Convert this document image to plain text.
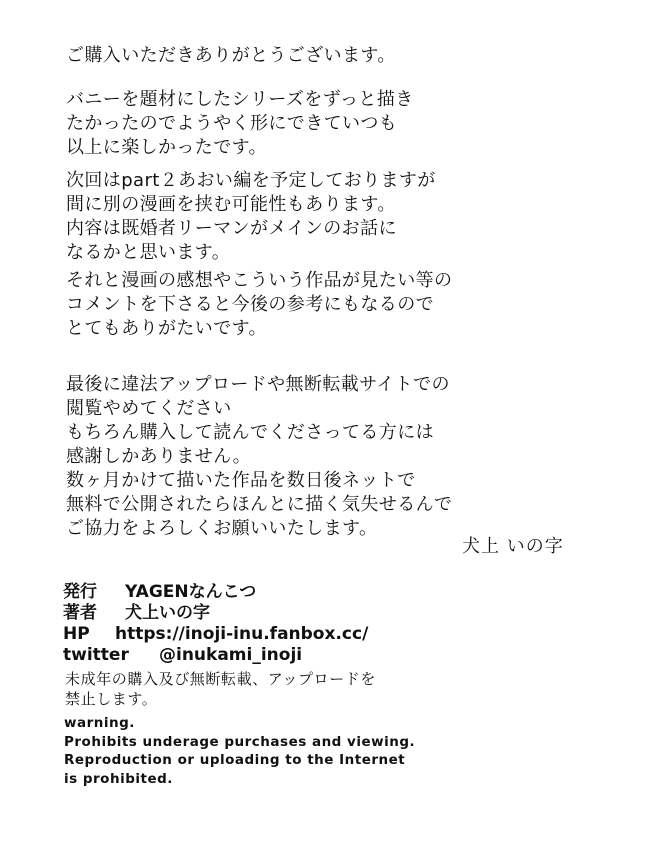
ご購入いただきありがとうございます。
バニーを題材にしたシリーズをずっと描き
たかったのでようやく形にできていつも
以上に楽しかったです。
次回はpart２あおい編を予定しておりますが
間に別の漫画を挟む可能性もあります。
内容は既婚者リーマンがメインのお話に
なるかと思います。
それと漫画の感想やこういう作品が見たい等の
コメントを下さると今後の参考にもなるので
とてもありがたいです。
最後に違法アップロードや無断転載サイトでの
閲覧やめてください
もちろん購入して読んでくださってる方には
感謝しかありません。
数ヶ月かけて描いた作品を数日後ネットで
無料で公開されたらほんとに描く気失せるんで
ご協力をよろしくお願いいたします。
犬上 いの字
発行 YAGENなんこつ
著者 犬上いの字
HP https://inoji-inu.fanbox.cc/
twitter @inukami_inoji
未成年の購入及び無断転載、アップロードを
禁止します。
warning.
Prohibits underage purchases and viewing.
Reproduction or uploading to the Internet
is prohibited.
